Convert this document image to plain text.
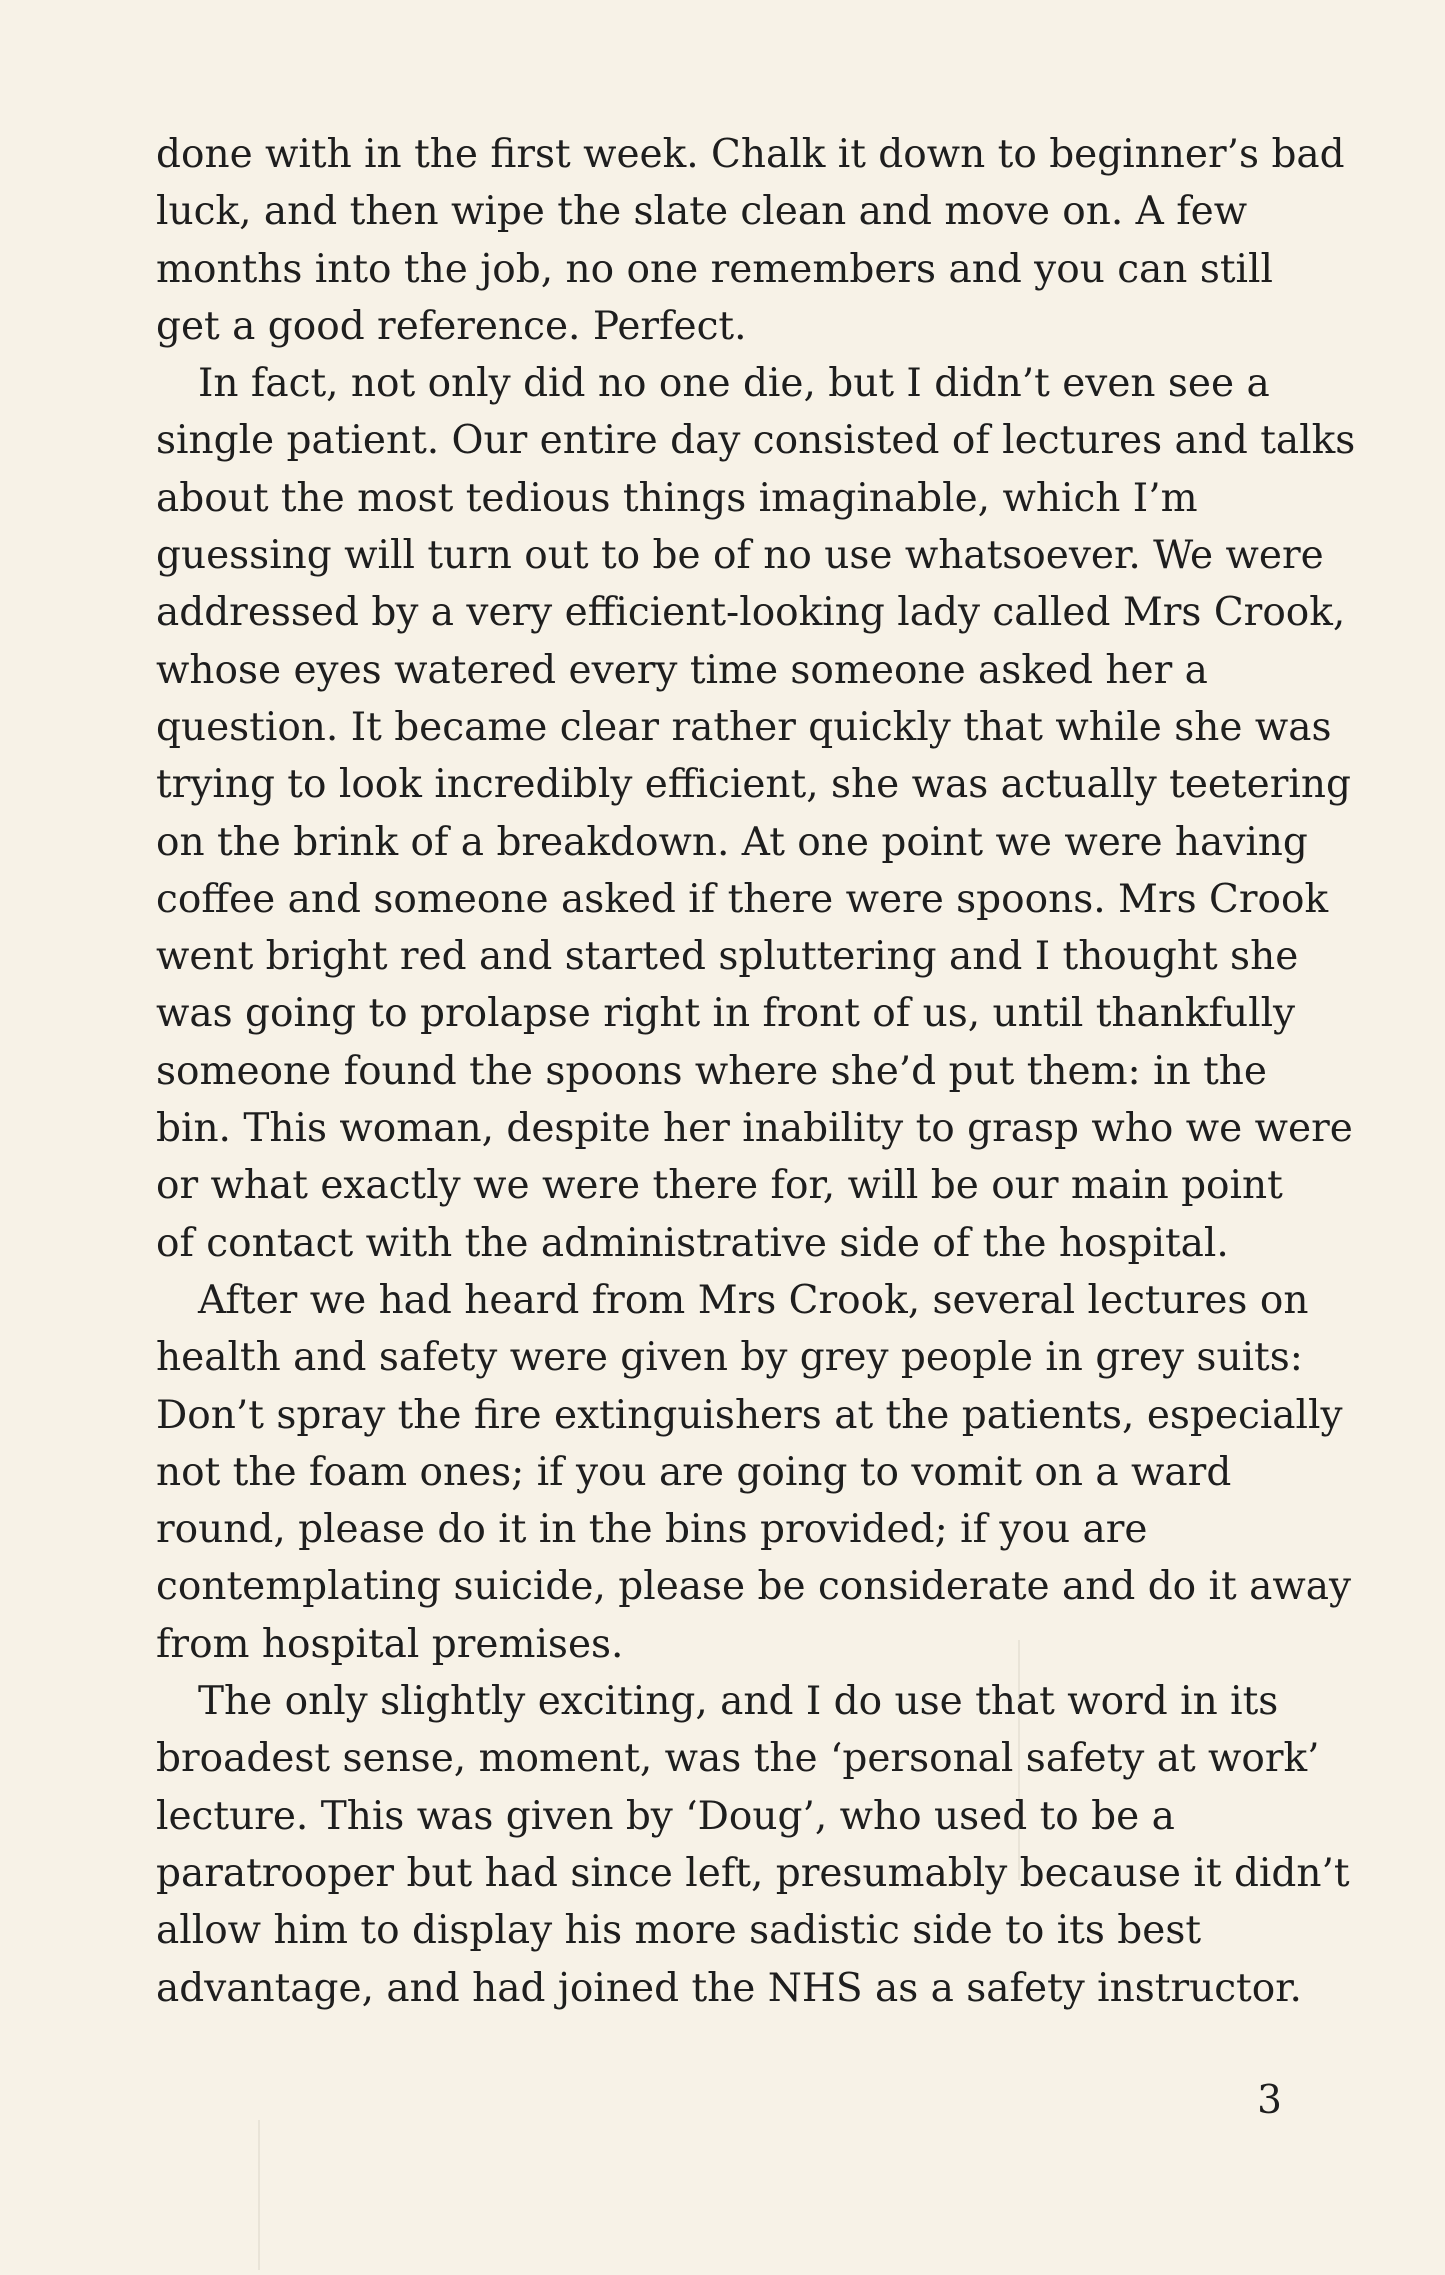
done with in the first week. Chalk it down to beginner’s bad
luck, and then wipe the slate clean and move on. A few
months into the job, no one remembers and you can still
get a good reference. Perfect.
In fact, not only did no one die, but I didn’t even see a
single patient. Our entire day consisted of lectures and talks
about the most tedious things imaginable, which I’m
guessing will turn out to be of no use whatsoever. We were
addressed by a very efficient-looking lady called Mrs Crook,
whose eyes watered every time someone asked her a
question. It became clear rather quickly that while she was
trying to look incredibly efficient, she was actually teetering
on the brink of a breakdown. At one point we were having
coffee and someone asked if there were spoons. Mrs Crook
went bright red and started spluttering and I thought she
was going to prolapse right in front of us, until thankfully
someone found the spoons where she’d put them: in the
bin. This woman, despite her inability to grasp who we were
or what exactly we were there for, will be our main point
of contact with the administrative side of the hospital.
After we had heard from Mrs Crook, several lectures on
health and safety were given by grey people in grey suits:
Don’t spray the fire extinguishers at the patients, especially
not the foam ones; if you are going to vomit on a ward
round, please do it in the bins provided; if you are
contemplating suicide, please be considerate and do it away
from hospital premises.
The only slightly exciting, and I do use that word in its
broadest sense, moment, was the ‘personal safety at work’
lecture. This was given by ‘Doug’, who used to be a
paratrooper but had since left, presumably because it didn’t
allow him to display his more sadistic side to its best
advantage, and had joined the NHS as a safety instructor.
3
